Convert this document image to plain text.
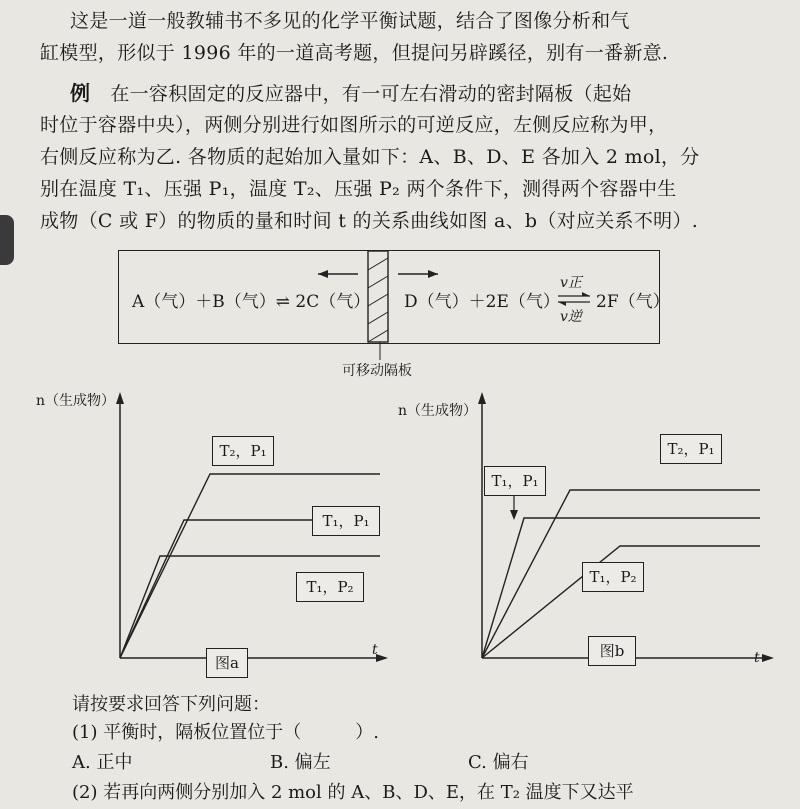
这是一道一般教辅书不多见的化学平衡试题，结合了图像分析和气
缸模型，形似于 1996 年的一道高考题，但提问另辟蹊径，别有一番新意.
例 在一容积固定的反应器中，有一可左右滑动的密封隔板（起始
时位于容器中央），两侧分别进行如图所示的可逆反应，左侧反应称为甲，
右侧反应称为乙. 各物质的起始加入量如下：A、B、D、E 各加入 2 mol，分
别在温度 T₁、压强 P₁，温度 T₂、压强 P₂ 两个条件下，测得两个容器中生
成物（C 或 F）的物质的量和时间 t 的关系曲线如图 a、b（对应关系不明）.
A（气）＋B（气）⇌ 2C（气） D（气）＋2E（气） 2F（气）
v正
v逆
可移动隔板
n（生成物）
t
T₂，P₁
T₁，P₁
T₁，P₂
图a
n（生成物）
t
T₂，P₁
T₁，P₁
T₁，P₂
图b
请按要求回答下列问题：
(1) 平衡时，隔板位置位于（　　　）.
A. 正中	B. 偏左	C. 偏右
(2) 若再向两侧分别加入 2 mol 的 A、B、D、E，在 T₂ 温度下又达平
